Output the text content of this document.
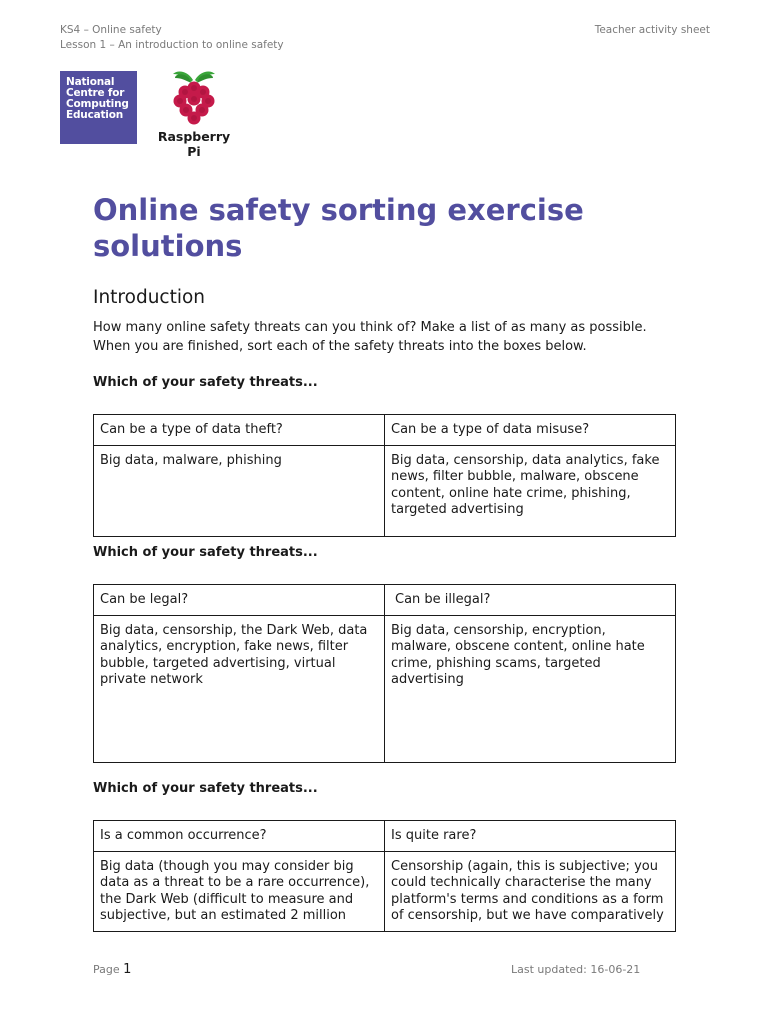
KS4 – Online safety
Lesson 1 – An introduction to online safety
Teacher activity sheet
National
Centre for
Computing
Education
Raspberry Pi
Online safety sorting exercise solutions
Introduction

How many online safety threats can you think of? Make a list of as many as possible.

When you are finished, sort each of the safety threats into the boxes below.

Which of your safety threats...
Can be a type of data theft?	Can be a type of data misuse?
Big data, malware, phishing	Big data, censorship, data analytics, fake news, filter bubble, malware, obscene content, online hate crime, phishing, targeted advertising
Which of your safety threats...
Can be legal?	Can be illegal?
Big data, censorship, the Dark Web, data analytics, encryption, fake news, filter bubble, targeted advertising, virtual private network	Big data, censorship, encryption, malware, obscene content, online hate crime, phishing scams, targeted advertising
Which of your safety threats...
Is a common occurrence?	Is quite rare?
Big data (though you may consider big data as a threat to be a rare occurrence), the Dark Web (difficult to measure and subjective, but an estimated 2 million	Censorship (again, this is subjective; you could technically characterise the many platform's terms and conditions as a form of censorship, but we have comparatively
Page 1	Last updated: 16-06-21
